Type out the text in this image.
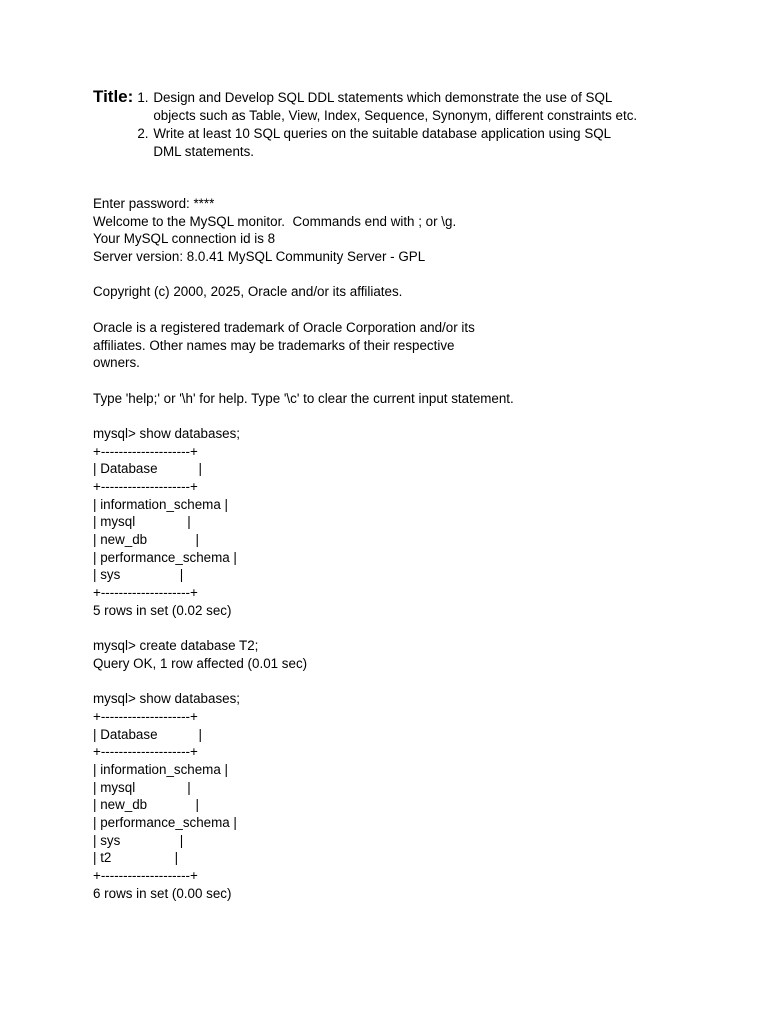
Title: 1. Design and Develop SQL DDL statements which demonstrate the use of SQL
objects such as Table, View, Index, Sequence, Synonym, different constraints etc.
2. Write at least 10 SQL queries on the suitable database application using SQL
DML statements.
Enter password: ****
Welcome to the MySQL monitor.  Commands end with ; or \g.
Your MySQL connection id is 8
Server version: 8.0.41 MySQL Community Server - GPL
Copyright (c) 2000, 2025, Oracle and/or its affiliates.
Oracle is a registered trademark of Oracle Corporation and/or its
affiliates. Other names may be trademarks of their respective
owners.
Type 'help;' or '\h' for help. Type '\c' to clear the current input statement.
mysql> show databases;
+--------------------+
| Database           |
+--------------------+
| information_schema |
| mysql              |
| new_db             |
| performance_schema |
| sys                |
+--------------------+
5 rows in set (0.02 sec)
mysql> create database T2;
Query OK, 1 row affected (0.01 sec)
mysql> show databases;
+--------------------+
| Database           |
+--------------------+
| information_schema |
| mysql              |
| new_db             |
| performance_schema |
| sys                |
| t2                 |
+--------------------+
6 rows in set (0.00 sec)
